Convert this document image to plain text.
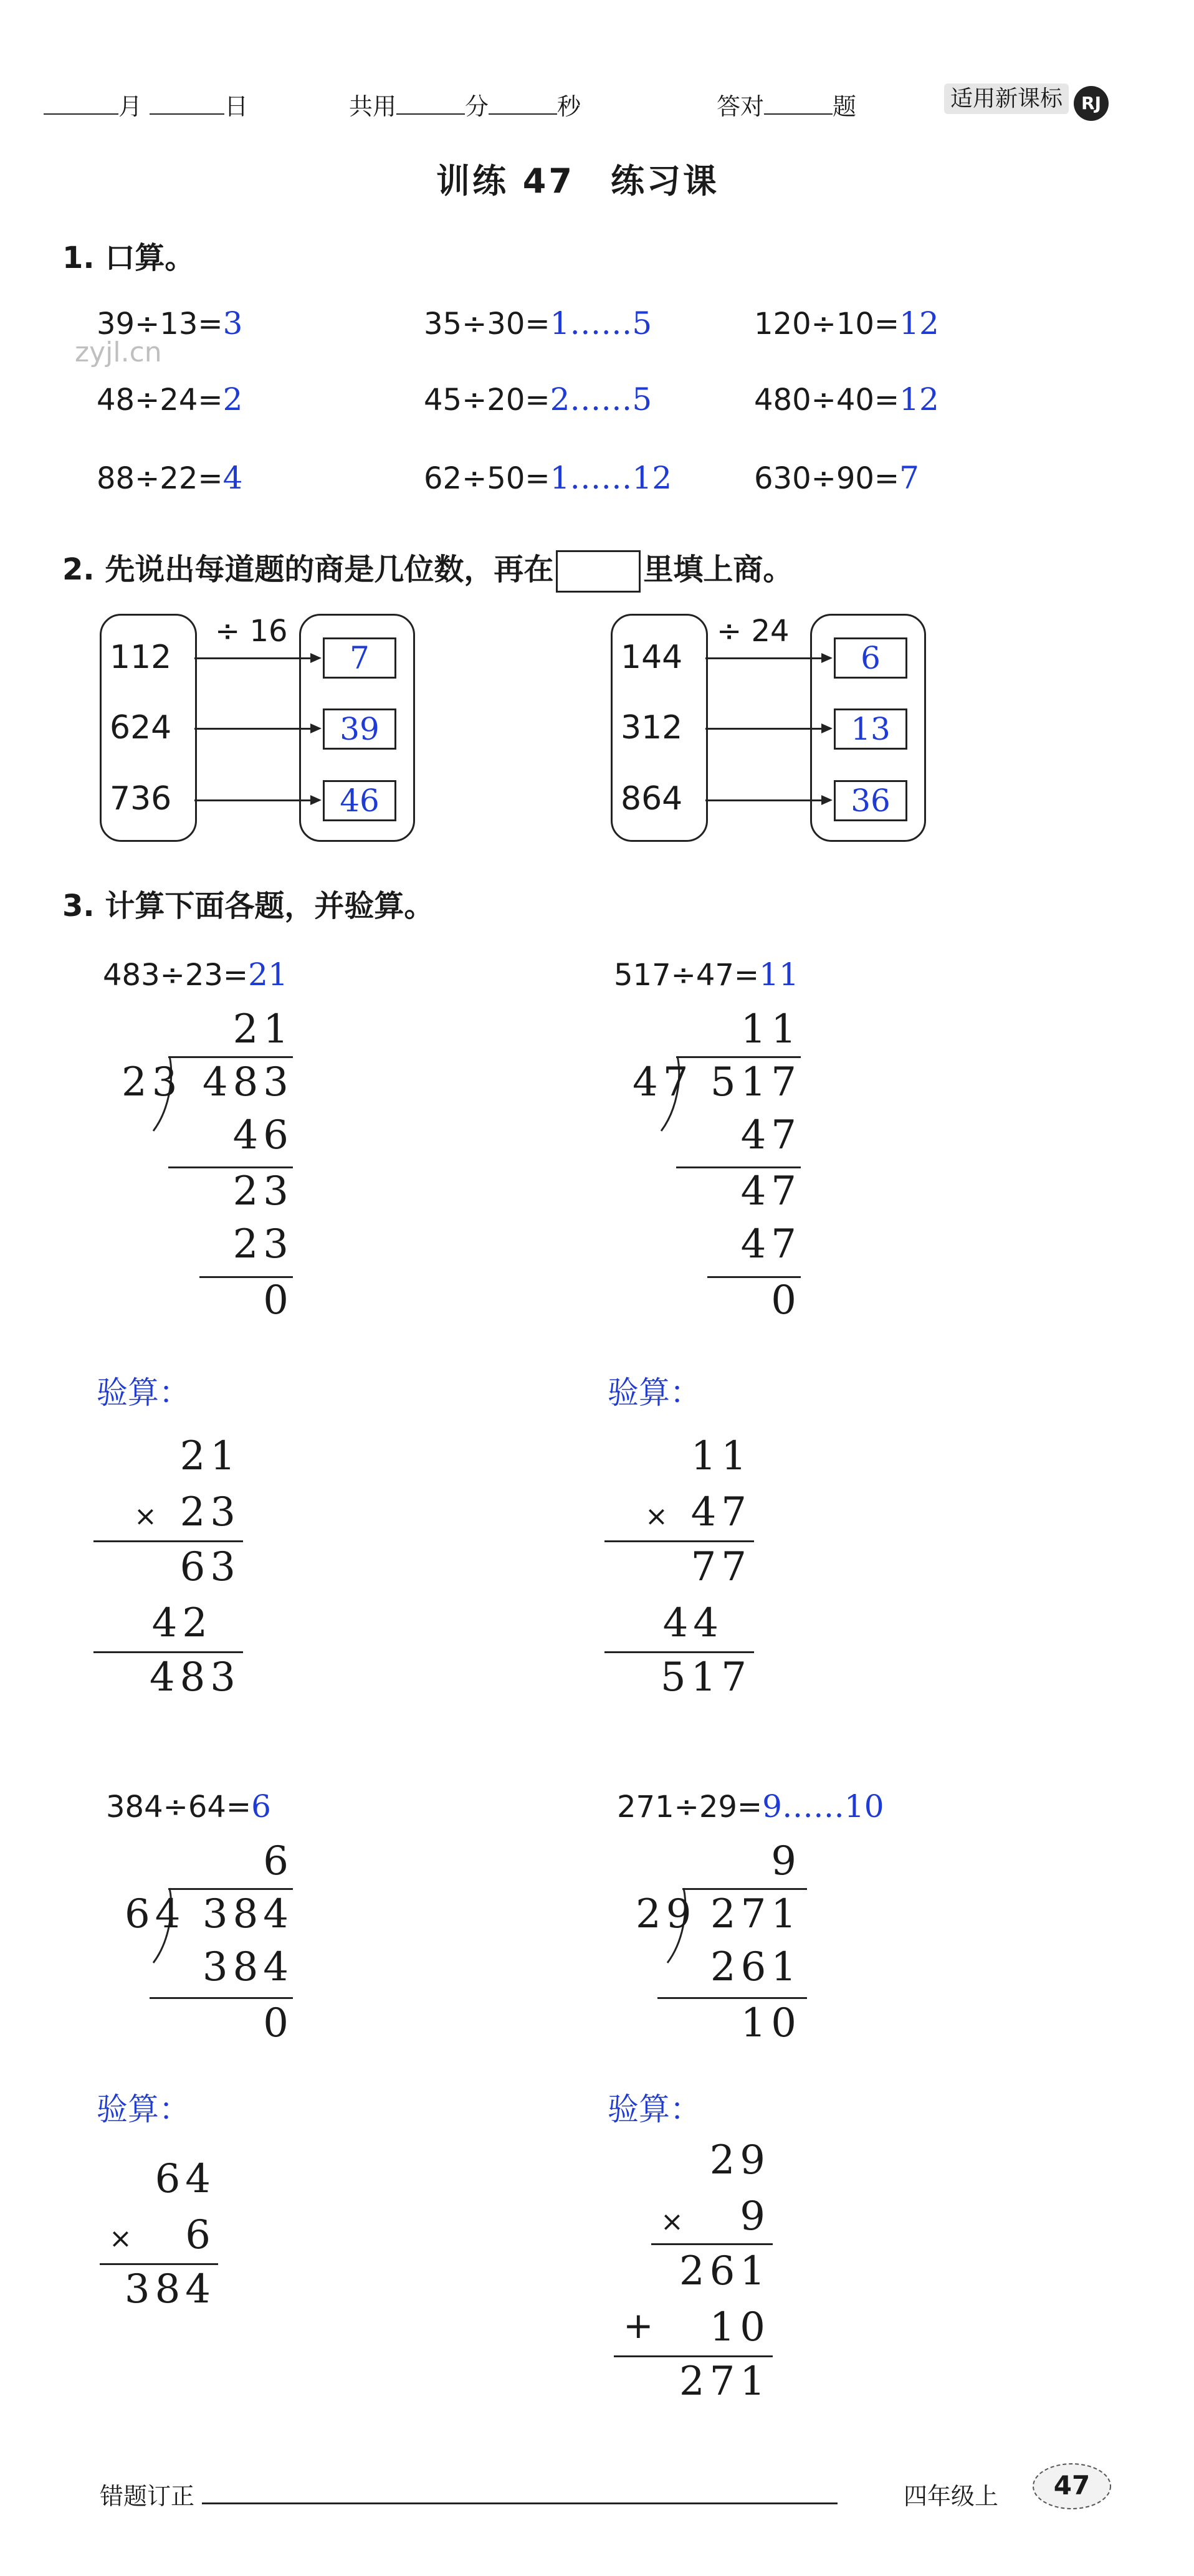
月	日	共用	分	秒	答对	题	适用新课标 RJ
训练 47　练习课
1. 口算。
zyjl.cn
39÷13=3	35÷30=1……5	120÷10=12
48÷24=2	45÷20=2……5	480÷40=12
88÷22=4	62÷50=1……12	630÷90=7
2. 先说出每道题的商是几位数，再在	里填上商。
÷ 16
112
624
736
7
39
46
÷ 24
144
312
864
6
13
36
3. 计算下面各题，并验算。
483÷23=21
21
23 483
46
23
23
0
517÷47=11
11
47 517
47
47
47
0
验算：
21
× 23
63
42
483
验算：
11
× 47
77
44
517
384÷64=6
6
64 384
384
0
271÷29=9……10
9
29 271
261
10
验算：
64
× 6
384
验算：
29
× 9
261
+ 10
271
错题订正	四年级上	47
